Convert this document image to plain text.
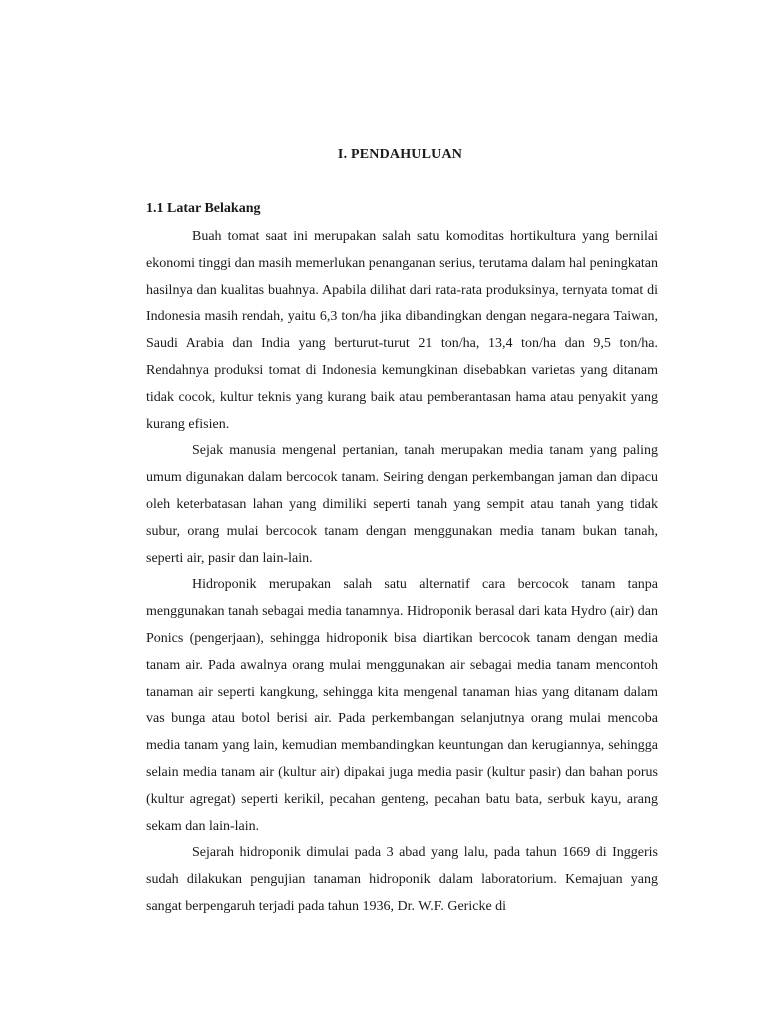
I. PENDAHULUAN
1.1 Latar Belakang

Buah tomat saat ini merupakan salah satu komoditas hortikultura yang bernilai ekonomi tinggi dan masih memerlukan penanganan serius, terutama dalam hal peningkatan hasilnya dan kualitas buahnya. Apabila dilihat dari rata-rata produksinya, ternyata tomat di Indonesia masih rendah, yaitu 6,3 ton/ha jika dibandingkan dengan negara-negara Taiwan, Saudi Arabia dan India yang berturut-turut 21 ton/ha, 13,4 ton/ha dan 9,5 ton/ha. Rendahnya produksi tomat di Indonesia kemungkinan disebabkan varietas yang ditanam tidak cocok, kultur teknis yang kurang baik atau pemberantasan hama atau penyakit yang kurang efisien.

Sejak manusia mengenal pertanian, tanah merupakan media tanam yang paling umum digunakan dalam bercocok tanam. Seiring dengan perkembangan jaman dan dipacu oleh keterbatasan lahan yang dimiliki seperti tanah yang sempit atau tanah yang tidak subur, orang mulai bercocok tanam dengan menggunakan media tanam bukan tanah, seperti air, pasir dan lain-lain.

Hidroponik merupakan salah satu alternatif cara bercocok tanam tanpa menggunakan tanah sebagai media tanamnya. Hidroponik berasal dari kata Hydro (air) dan Ponics (pengerjaan), sehingga hidroponik bisa diartikan bercocok tanam dengan media tanam air. Pada awalnya orang mulai menggunakan air sebagai media tanam mencontoh tanaman air seperti kangkung, sehingga kita mengenal tanaman hias yang ditanam dalam vas bunga atau botol berisi air. Pada perkembangan selanjutnya orang mulai mencoba media tanam yang lain, kemudian membandingkan keuntungan dan kerugiannya, sehingga selain media tanam air (kultur air) dipakai juga media pasir (kultur pasir) dan bahan porus (kultur agregat) seperti kerikil, pecahan genteng, pecahan batu bata, serbuk kayu, arang sekam dan lain-lain.

Sejarah hidroponik dimulai pada 3 abad yang lalu, pada tahun 1669 di Inggeris sudah dilakukan pengujian tanaman hidroponik dalam laboratorium. Kemajuan yang sangat berpengaruh terjadi pada tahun 1936, Dr. W.F. Gericke di
